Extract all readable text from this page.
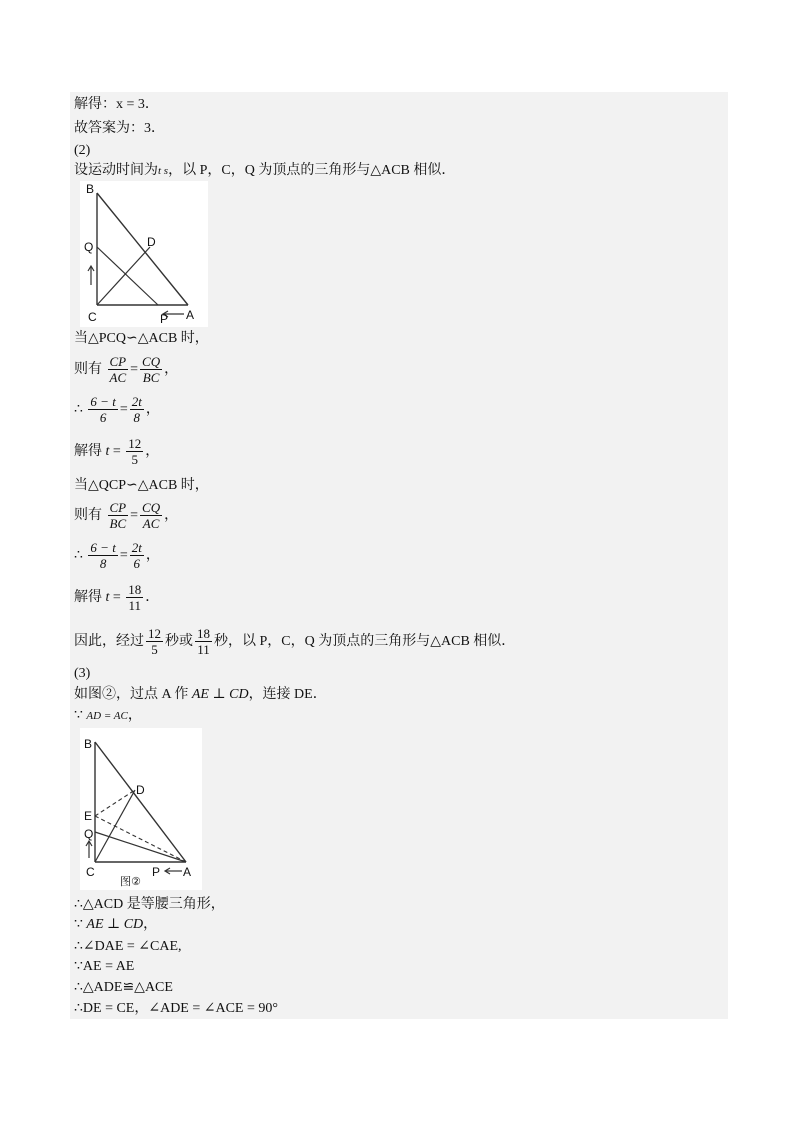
解得：x = 3．
故答案为：3．
(2)
设运动时间为t s，以 P，C，Q 为顶点的三角形与△ACB 相似．
B
Q	D
C	P A
当△PCQ∽△ACB 时，
则有 $\frac{CP}{AC} = \frac{CQ}{BC}$ ，
∴ $\frac{6 - t}{6} = \frac{2t}{8}$ ，
解得 $t = \frac{12}{5}$ ，
当△QCP∽△ACB 时，
则有 $\frac{CP}{BC} = \frac{CQ}{AC}$ ，
∴ $\frac{6 - t}{8} = \frac{2t}{6}$ ，
解得 $t = \frac{18}{11}$ ．
因此，经过 $\frac{12}{5}$ 秒或 $\frac{18}{11}$ 秒，以 P，C，Q 为顶点的三角形与△ACB 相似．
(3)
如图②，过点 A 作 AE ⊥ CD，连接 DE．
∵ AD = AC，
B
D
E
Q
C	P A
图②
∴△ACD 是等腰三角形，
∵ AE ⊥ CD，
∴∠DAE = ∠CAE,
∵AE = AE
∴△ADE≌△ACE
∴DE = CE，∠ADE = ∠ACE = 90°
